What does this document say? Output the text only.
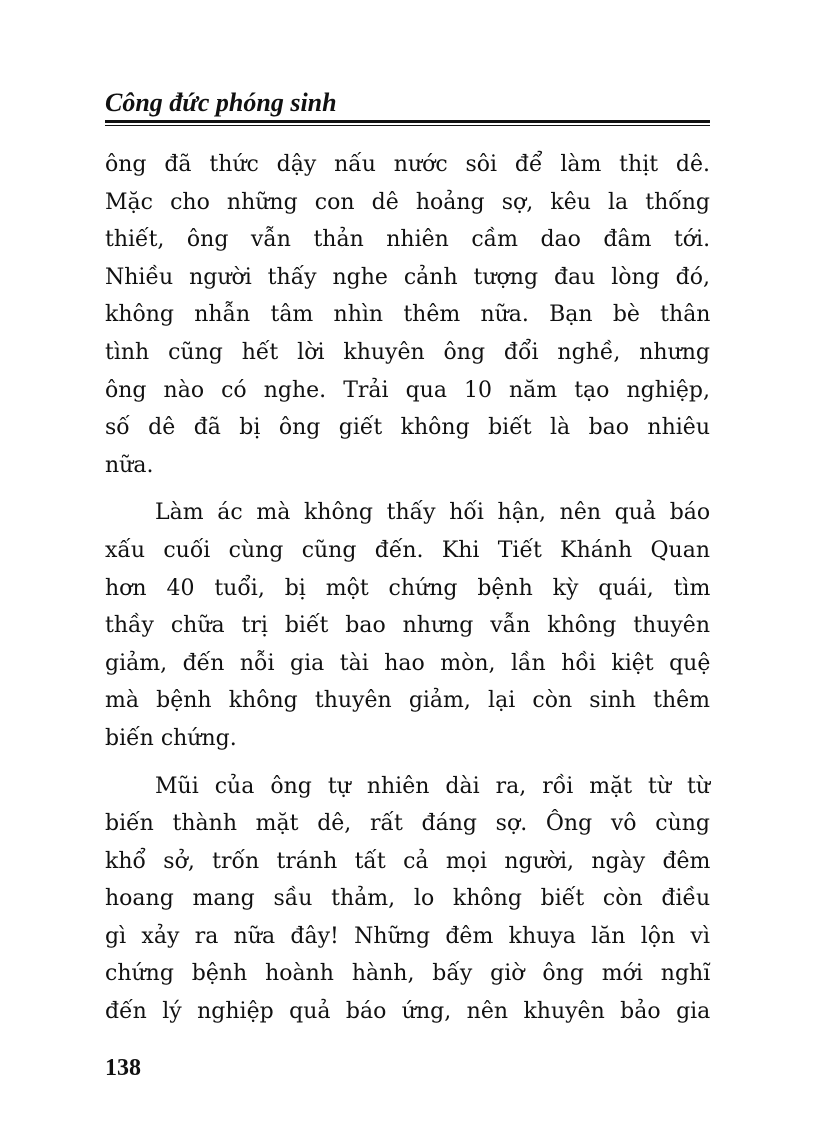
Công đức phóng sinh
ông đã thức dậy nấu nước sôi để làm thịt dê.
Mặc cho những con dê hoảng sợ, kêu la thống
thiết, ông vẫn thản nhiên cầm dao đâm tới.
Nhiều người thấy nghe cảnh tượng đau lòng đó,
không nhẫn tâm nhìn thêm nữa. Bạn bè thân
tình cũng hết lời khuyên ông đổi nghề, nhưng
ông nào có nghe. Trải qua 10 năm tạo nghiệp,
số dê đã bị ông giết không biết là bao nhiêu
nữa.
Làm ác mà không thấy hối hận, nên quả báo
xấu cuối cùng cũng đến. Khi Tiết Khánh Quan
hơn 40 tuổi, bị một chứng bệnh kỳ quái, tìm
thầy chữa trị biết bao nhưng vẫn không thuyên
giảm, đến nỗi gia tài hao mòn, lần hồi kiệt quệ
mà bệnh không thuyên giảm, lại còn sinh thêm
biến chứng.
Mũi của ông tự nhiên dài ra, rồi mặt từ từ
biến thành mặt dê, rất đáng sợ. Ông vô cùng
khổ sở, trốn tránh tất cả mọi người, ngày đêm
hoang mang sầu thảm, lo không biết còn điều
gì xảy ra nữa đây! Những đêm khuya lăn lộn vì
chứng bệnh hoành hành, bấy giờ ông mới nghĩ
đến lý nghiệp quả báo ứng, nên khuyên bảo gia
138
